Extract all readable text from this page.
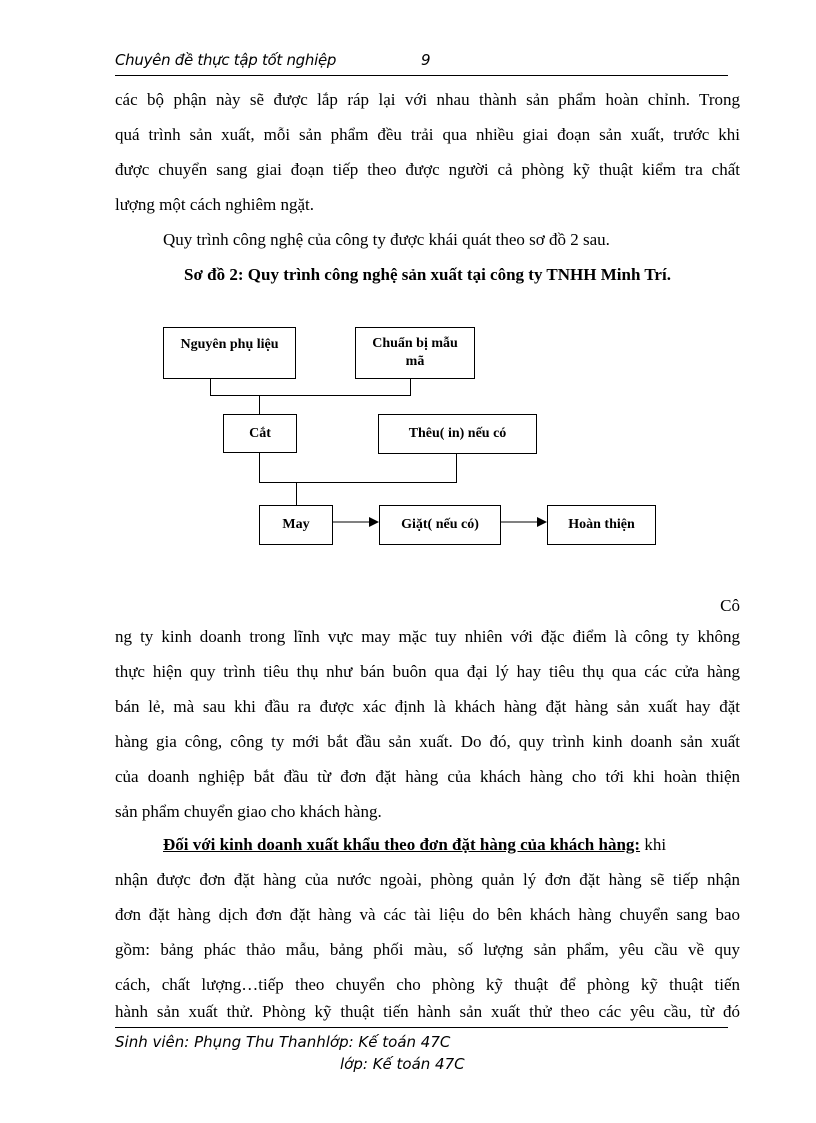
Chuyên đề thực tập tốt nghiệp	9
các bộ phận này sẽ được lắp ráp lại với nhau thành sản phẩm hoàn chỉnh. Trong
quá trình sản xuất, mỗi sản phẩm đều trải qua nhiều giai đoạn sản xuất, trước khi
được chuyển sang giai đoạn tiếp theo được người cả phòng kỹ thuật kiểm tra chất
lượng một cách nghiêm ngặt.
Quy trình công nghệ của công ty được khái quát theo sơ đồ 2 sau.
Sơ đồ 2: Quy trình công nghệ sản xuất tại công ty TNHH Minh Trí.
Nguyên phụ liệu	Chuẩn bị mẫu mã
Cắt	Thêu( in) nếu có
May	Giặt( nếu có)	Hoàn thiện
Cô
ng ty kinh doanh trong lĩnh vực may mặc tuy nhiên với đặc điểm là công ty không
thực hiện quy trình tiêu thụ như bán buôn qua đại lý hay tiêu thụ qua các cửa hàng
bán lẻ, mà sau khi đầu ra được xác định là khách hàng đặt hàng sản xuất hay đặt
hàng gia công, công ty mới bắt đầu sản xuất. Do đó, quy trình kinh doanh sản xuất
của doanh nghiệp bắt đầu từ đơn đặt hàng của khách hàng cho tới khi hoàn thiện
sản phẩm chuyển giao cho khách hàng.
Đối với kinh doanh xuất khẩu theo đơn đặt hàng của khách hàng: khi
nhận được đơn đặt hàng của nước ngoài, phòng quản lý đơn đặt hàng sẽ tiếp nhận
đơn đặt hàng dịch đơn đặt hàng và các tài liệu do bên khách hàng chuyển sang bao
gồm: bảng phác thảo mẫu, bảng phối màu, số lượng sản phẩm, yêu cầu về quy
cách, chất lượng…tiếp theo chuyển cho phòng kỹ thuật để phòng kỹ thuật tiến
hành sản xuất thử. Phòng kỹ thuật tiến hành sản xuất thử theo các yêu cầu, từ đó
Sinh viên: Phụng Thu Thanhlớp: Kế toán 47C
lớp: Kế toán 47C
